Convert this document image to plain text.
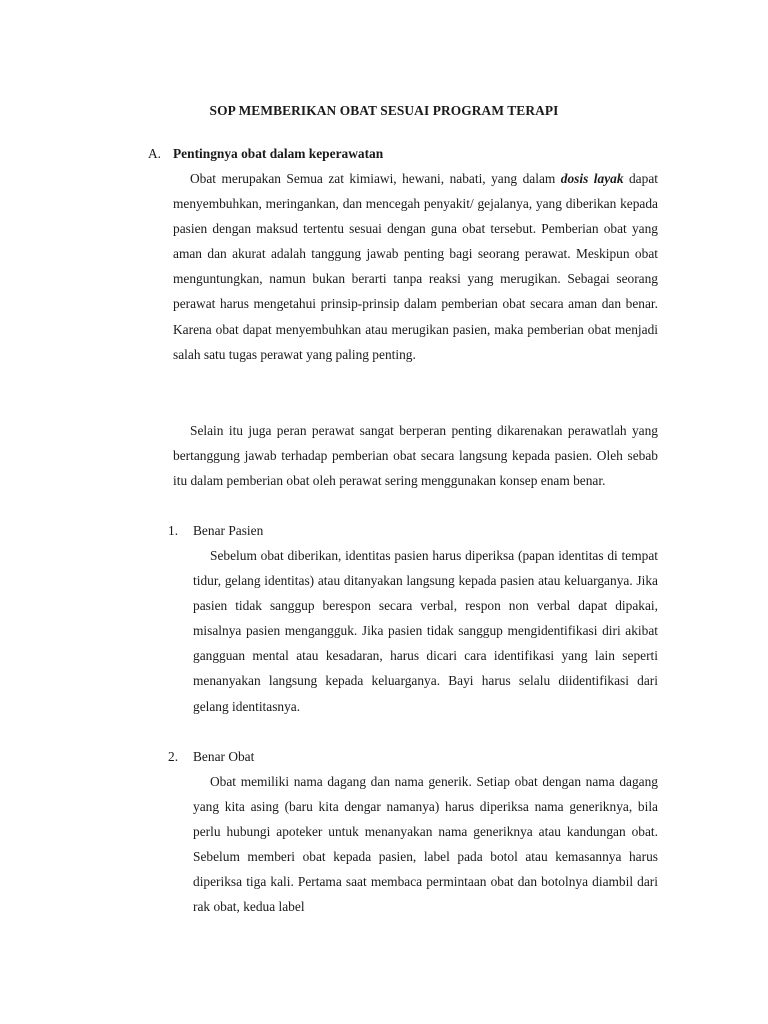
SOP MEMBERIKAN OBAT SESUAI PROGRAM TERAPI
A. Pentingnya obat dalam keperawatan

Obat merupakan Semua zat kimiawi, hewani, nabati, yang dalam dosis layak dapat menyembuhkan, meringankan, dan mencegah penyakit/ gejalanya, yang diberikan kepada pasien dengan maksud tertentu sesuai dengan guna obat tersebut. Pemberian obat yang aman dan akurat adalah tanggung jawab penting bagi seorang perawat. Meskipun obat menguntungkan, namun bukan berarti tanpa reaksi yang merugikan. Sebagai seorang perawat harus mengetahui prinsip-prinsip dalam pemberian obat secara aman dan benar. Karena obat dapat menyembuhkan atau merugikan pasien, maka pemberian obat menjadi salah satu tugas perawat yang paling penting.

Selain itu juga peran perawat sangat berperan penting dikarenakan perawatlah yang bertanggung jawab terhadap pemberian obat secara langsung kepada pasien. Oleh sebab itu dalam pemberian obat oleh perawat sering menggunakan konsep enam benar.

1. Benar Pasien

Sebelum obat diberikan, identitas pasien harus diperiksa (papan identitas di tempat tidur, gelang identitas) atau ditanyakan langsung kepada pasien atau keluarganya. Jika pasien tidak sanggup berespon secara verbal, respon non verbal dapat dipakai, misalnya pasien mengangguk. Jika pasien tidak sanggup mengidentifikasi diri akibat gangguan mental atau kesadaran, harus dicari cara identifikasi yang lain seperti menanyakan langsung kepada keluarganya. Bayi harus selalu diidentifikasi dari gelang identitasnya.

2. Benar Obat

Obat memiliki nama dagang dan nama generik. Setiap obat dengan nama dagang yang kita asing (baru kita dengar namanya) harus diperiksa nama generiknya, bila perlu hubungi apoteker untuk menanyakan nama generiknya atau kandungan obat. Sebelum memberi obat kepada pasien, label pada botol atau kemasannya harus diperiksa tiga kali. Pertama saat membaca permintaan obat dan botolnya diambil dari rak obat, kedua label
